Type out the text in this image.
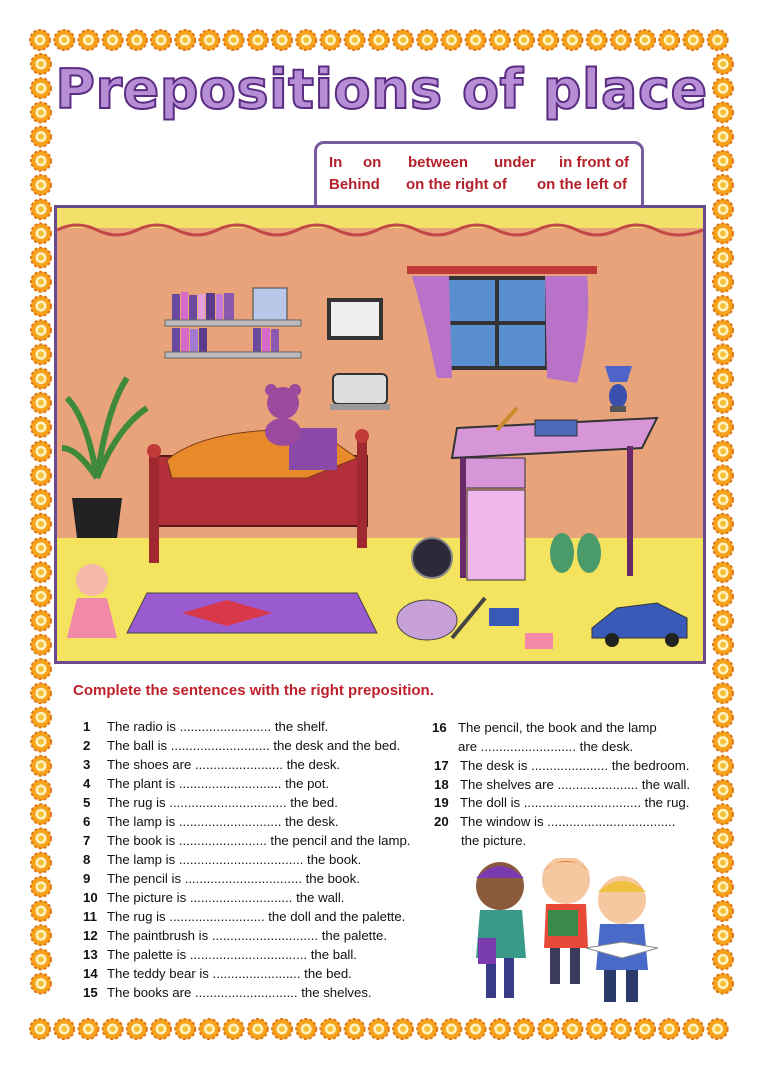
Prepositions of place
In on between under in front of
Behind on the right of on the left of
Complete the sentences with the right preposition.
1 The radio is ......................... the shelf.
2 The ball is ........................... the desk and the bed.
3 The shoes are ........................ the desk.
4 The plant is ............................ the pot.
5 The rug is ................................ the bed.
6 The lamp is ............................ the desk.
7 The book is ........................ the pencil and the lamp.
8 The lamp is .................................. the book.
9 The pencil is ................................ the book.
10 The picture is ............................ the wall.
11 The rug is .......................... the doll and the palette.
12 The paintbrush is ............................. the palette.
13 The palette is ................................ the ball.
14 The teddy bear is ........................ the bed.
15 The books are ............................ the shelves.
16 The pencil, the book and the lamp
are .......................... the desk.
17 The desk is ..................... the bedroom.
18 The shelves are ...................... the wall.
19 The doll is ................................ the rug.
20 The window is ...................................
the picture.
